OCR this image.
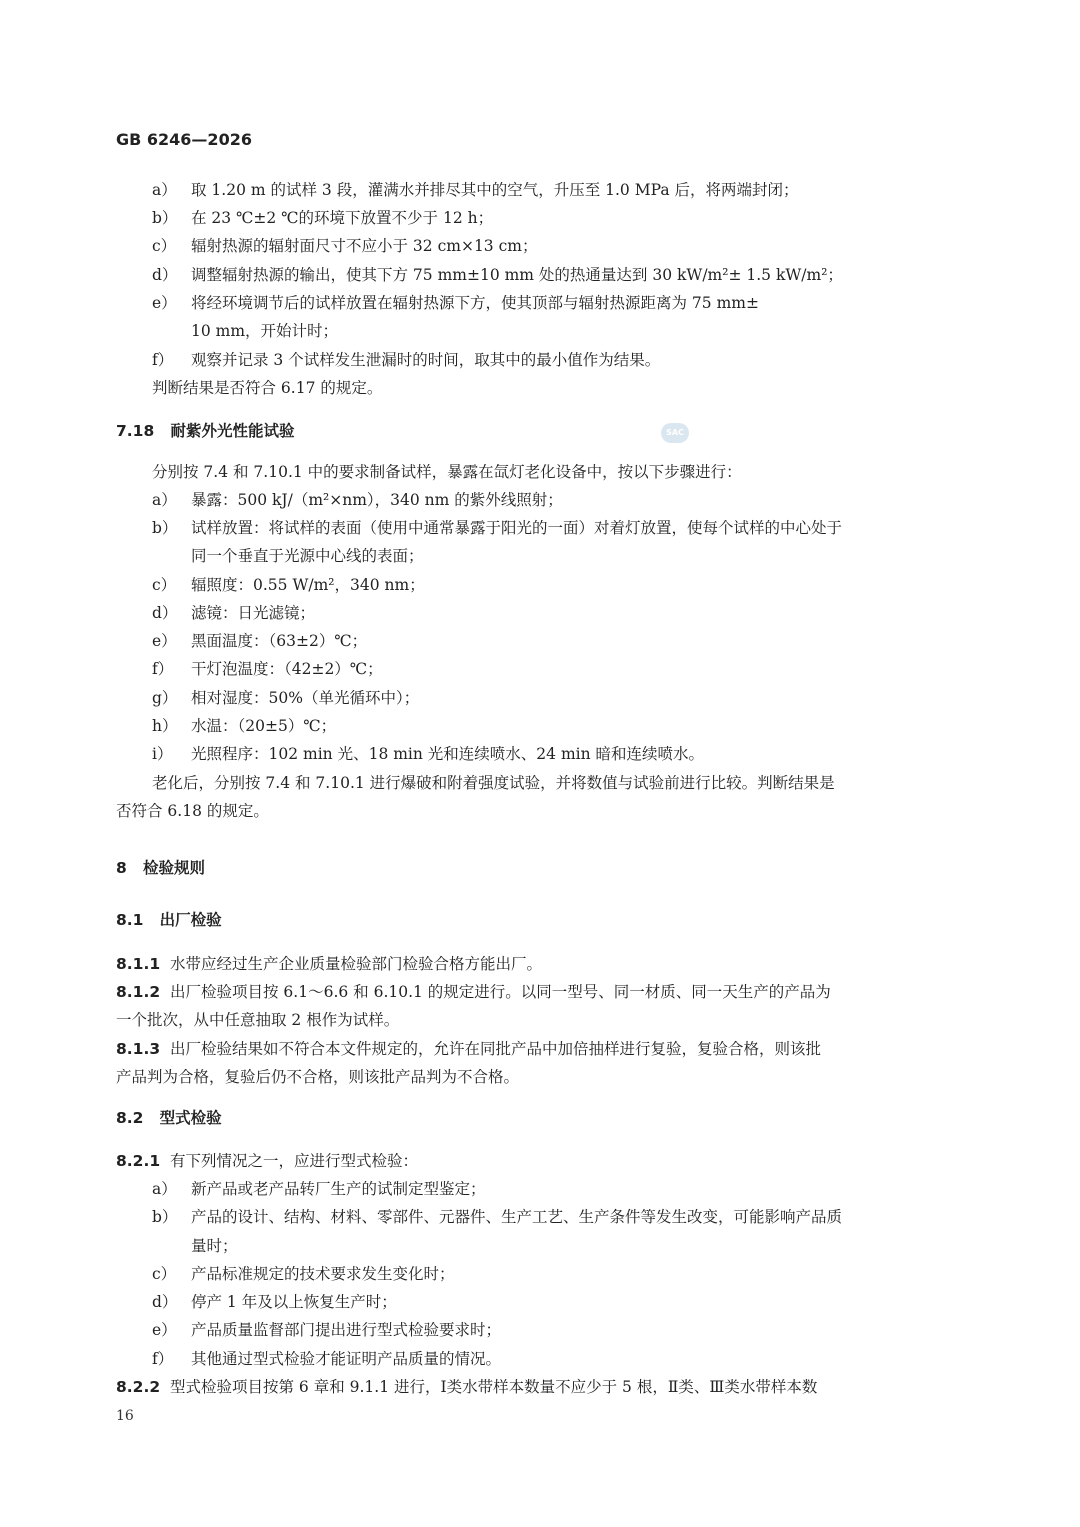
GB 6246—2026
SAC
a） 取 1.20 m 的试样 3 段，灌满水并排尽其中的空气，升压至 1.0 MPa 后，将两端封闭；
b） 在 23 ℃±2 ℃的环境下放置不少于 12 h；
c） 辐射热源的辐射面尺寸不应小于 32 cm×13 cm；
d） 调整辐射热源的输出，使其下方 75 mm±10 mm 处的热通量达到 30 kW/m²± 1.5 kW/m²；
e） 将经环境调节后的试样放置在辐射热源下方，使其顶部与辐射热源距离为 75 mm±
10 mm，开始计时；
f） 观察并记录 3 个试样发生泄漏时的时间，取其中的最小值作为结果。
判断结果是否符合 6.17 的规定。
7.18 耐紫外光性能试验
分别按 7.4 和 7.10.1 中的要求制备试样，暴露在氙灯老化设备中，按以下步骤进行：
a） 暴露：500 kJ/（m²×nm），340 nm 的紫外线照射；
b） 试样放置：将试样的表面（使用中通常暴露于阳光的一面）对着灯放置，使每个试样的中心处于
同一个垂直于光源中心线的表面；
c） 辐照度：0.55 W/m²，340 nm；
d） 滤镜：日光滤镜；
e） 黑面温度：（63±2）℃；
f） 干灯泡温度：（42±2）℃；
g） 相对湿度：50%（单光循环中）；
h） 水温：（20±5）℃；
i） 光照程序：102 min 光、18 min 光和连续喷水、24 min 暗和连续喷水。
老化后，分别按 7.4 和 7.10.1 进行爆破和附着强度试验，并将数值与试验前进行比较。判断结果是
否符合 6.18 的规定。
8 检验规则
8.1 出厂检验
8.1.1 水带应经过生产企业质量检验部门检验合格方能出厂。
8.1.2 出厂检验项目按 6.1～6.6 和 6.10.1 的规定进行。以同一型号、同一材质、同一天生产的产品为
一个批次，从中任意抽取 2 根作为试样。
8.1.3 出厂检验结果如不符合本文件规定的，允许在同批产品中加倍抽样进行复验，复验合格，则该批
产品判为合格，复验后仍不合格，则该批产品判为不合格。
8.2 型式检验
8.2.1 有下列情况之一，应进行型式检验：
a） 新产品或老产品转厂生产的试制定型鉴定；
b） 产品的设计、结构、材料、零部件、元器件、生产工艺、生产条件等发生改变，可能影响产品质
量时；
c） 产品标准规定的技术要求发生变化时；
d） 停产 1 年及以上恢复生产时；
e） 产品质量监督部门提出进行型式检验要求时；
f） 其他通过型式检验才能证明产品质量的情况。
8.2.2 型式检验项目按第 6 章和 9.1.1 进行，Ⅰ类水带样本数量不应少于 5 根，Ⅱ类、Ⅲ类水带样本数
16
